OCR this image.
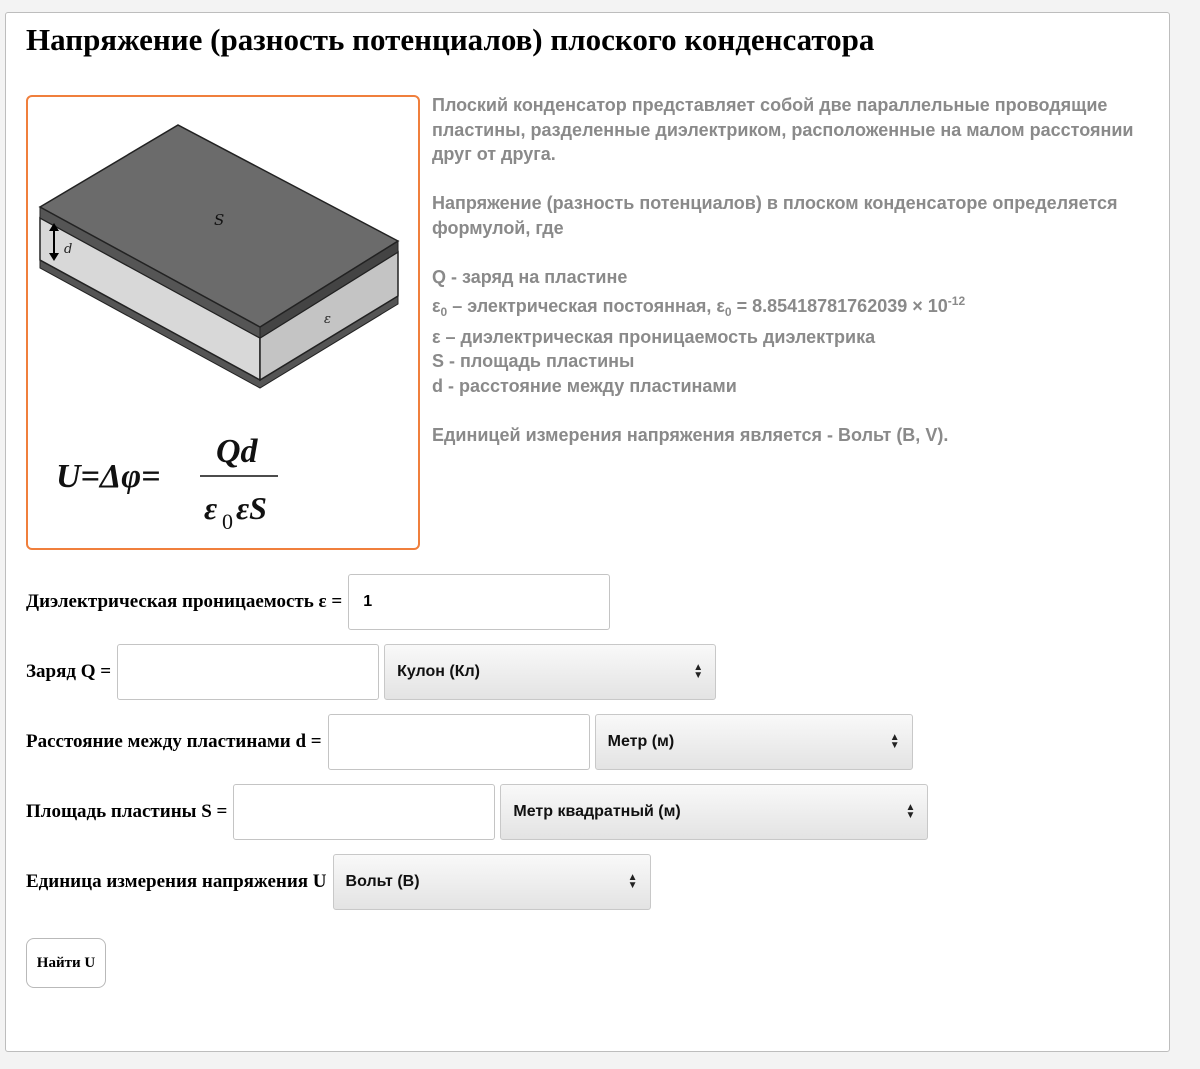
Напряжение (разность потенциалов) плоского конденсатора
d
S
ε
U=Δφ=
Qd
ε 0 εS

Плоский конденсатор представляет собой две параллельные проводящие пластины, разделенные диэлектриком, расположенные на малом расстоянии друг от друга.

Напряжение (разность потенциалов) в плоском конденсаторе определяется формулой, где

Q - заряд на пластине

$\varepsilon_0$ – электрическая постоянная, $\varepsilon_0 = 8.85418781762039 \times 10^{-12}$

ε – диэлектрическая проницаемость диэлектрика

S - площадь пластины

d - расстояние между пластинами

Единицей измерения напряжения является - Вольт (В, V).

Диэлектрическая проницаемость ε =
1
Заряд Q =	Кулон (Кл)	▲
▼
Расстояние между пластинами d =	Метр (м)	▲
▼
Площадь пластины S =	Метр квадратный (м)	▲
▼
Единица измерения напряжения U Вольт (В)	▲
▼
Найти U
